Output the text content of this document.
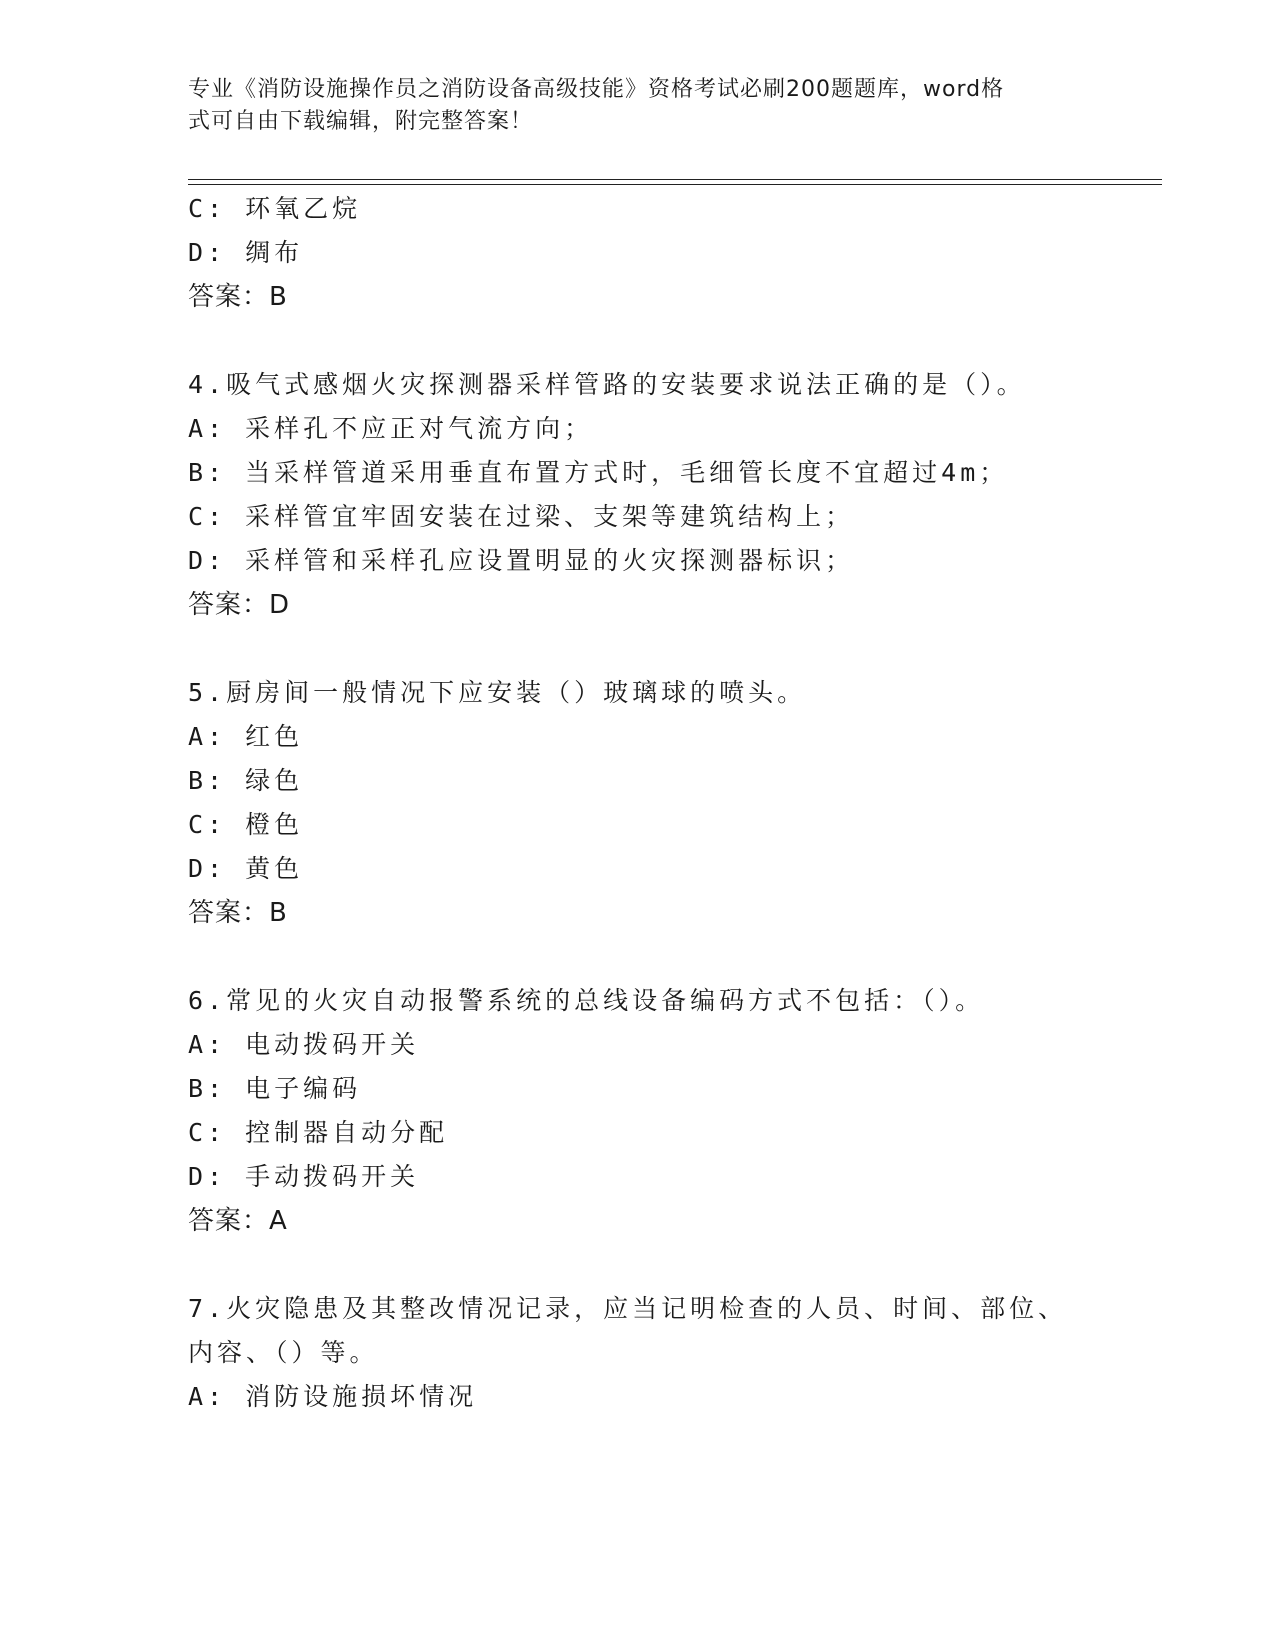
专业《消防设施操作员之消防设备高级技能》资格考试必刷200题题库，word格
式可自由下载编辑，附完整答案！
C: 环氧乙烷
D: 绸布
答案：B
4.吸气式感烟火灾探测器采样管路的安装要求说法正确的是（）。
A: 采样孔不应正对气流方向；
B: 当采样管道采用垂直布置方式时，毛细管长度不宜超过4m；
C: 采样管宜牢固安装在过梁、支架等建筑结构上；
D: 采样管和采样孔应设置明显的火灾探测器标识；
答案：D
5.厨房间一般情况下应安装（）玻璃球的喷头。
A: 红色
B: 绿色
C: 橙色
D: 黄色
答案：B
6.常见的火灾自动报警系统的总线设备编码方式不包括：（）。
A: 电动拨码开关
B: 电子编码
C: 控制器自动分配
D: 手动拨码开关
答案：A
7.火灾隐患及其整改情况记录，应当记明检查的人员、时间、部位、
内容、（）等。
A: 消防设施损坏情况
